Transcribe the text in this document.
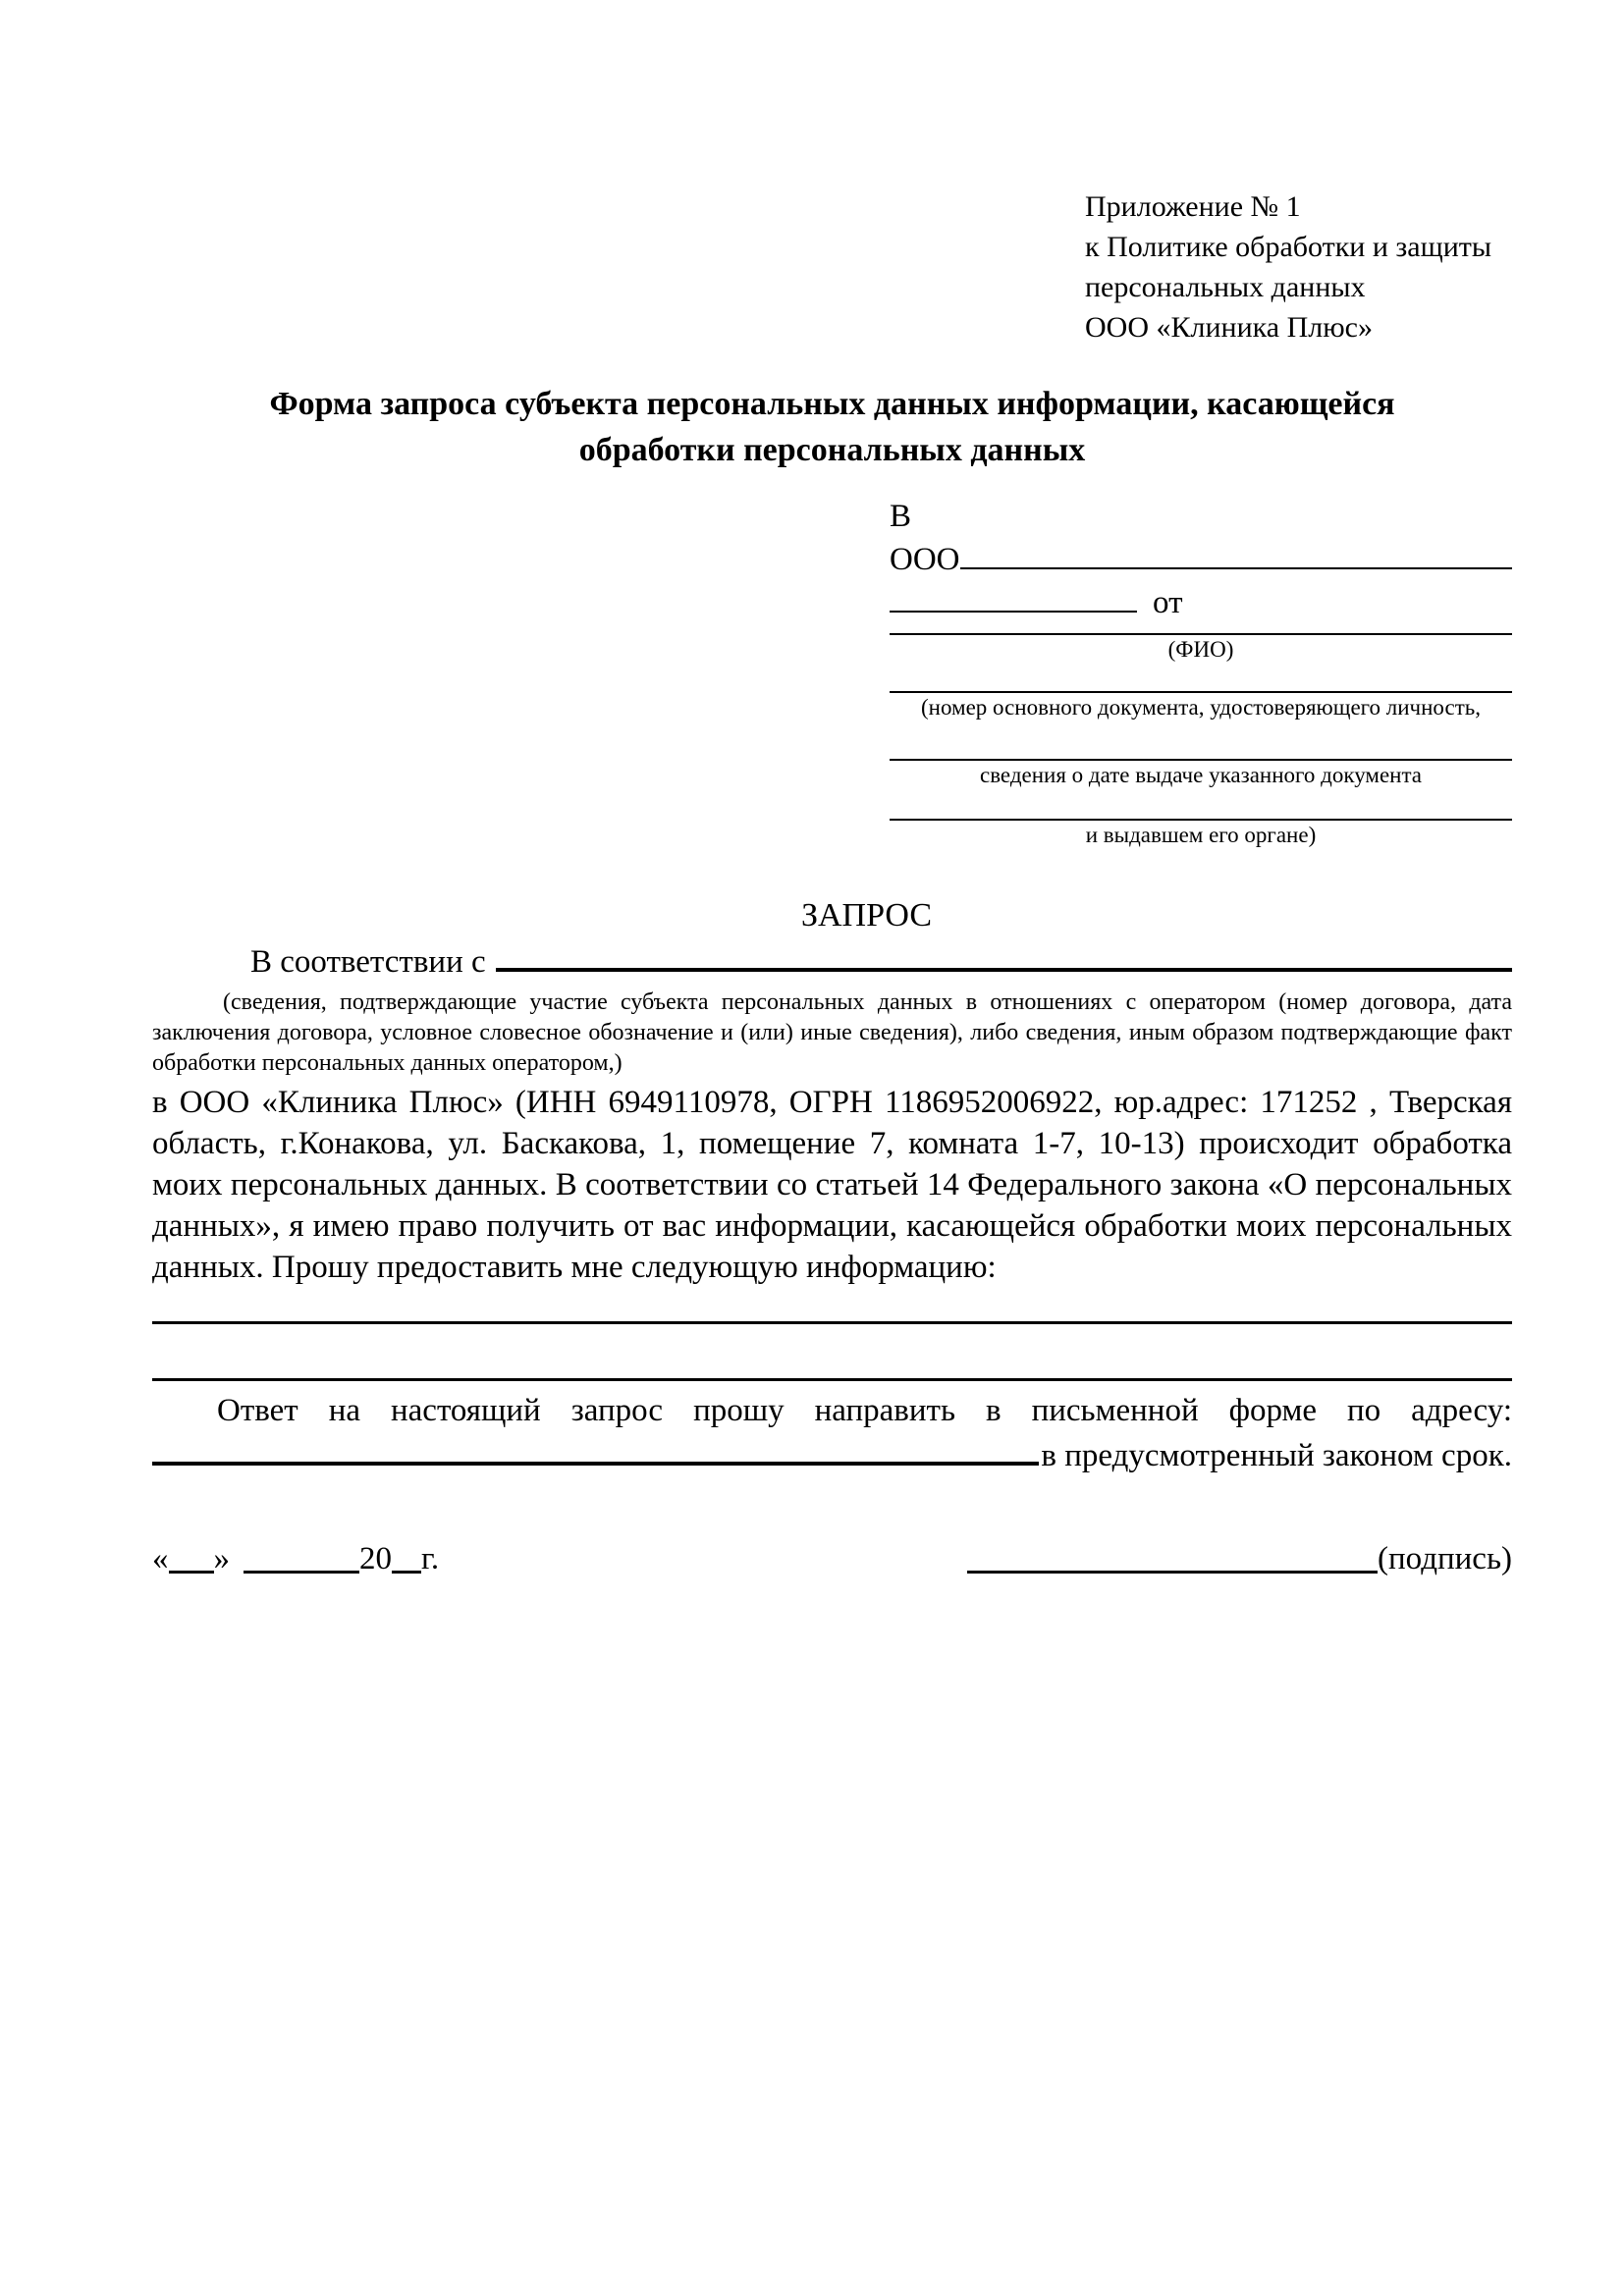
Приложение № 1
к Политике обработки и защиты
персональных данных
ООО «Клиника Плюс»
Форма запроса субъекта персональных данных информации, касающейся обработки персональных данных
В
ООО
от
(ФИО)
(номер основного документа, удостоверяющего личность,
сведения о дате выдаче указанного документа
и выдавшем его органе)
ЗАПРОС
В соответствии с
(сведения, подтверждающие участие субъекта персональных данных в отношениях с оператором (номер договора, дата заключения договора, условное словесное обозначение и (или) иные сведения), либо сведения, иным образом подтверждающие факт обработки персональных данных оператором,)
в ООО «Клиника Плюс» (ИНН 6949110978, ОГРН 1186952006922, юр.адрес: 171252 , Тверская область, г.Конакова, ул. Баскакова, 1, помещение 7, комната 1-7, 10-13) происходит обработка моих персональных данных. В соответствии со статьей 14 Федерального закона «О персональных данных», я имею право получить от вас информации, касающейся обработки моих персональных данных. Прошу предоставить мне следующую информацию:
Ответ на настоящий запрос прошу направить в письменной форме по адресу:
в предусмотренный законом срок.
« »	20 г.	(подпись)
